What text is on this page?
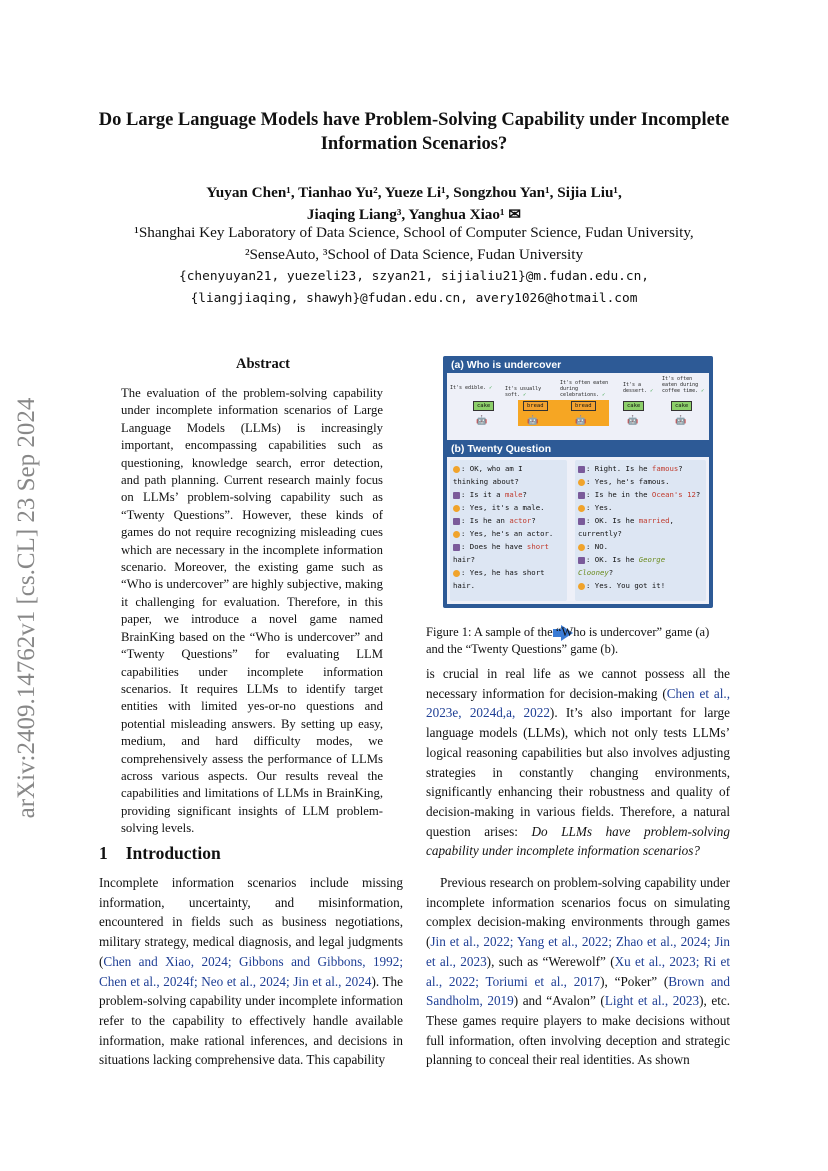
Do Large Language Models have Problem-Solving Capability under Incomplete Information Scenarios?
Yuyan Chen¹, Tianhao Yu², Yueze Li¹, Songzhou Yan¹, Sijia Liu¹,
Jiaqing Liang³, Yanghua Xiao¹ ✉
¹Shanghai Key Laboratory of Data Science, School of Computer Science, Fudan University,
²SenseAuto, ³School of Data Science, Fudan University
{chenyuyan21, yuezeli23, szyan21, sijialiu21}@m.fudan.edu.cn,
{liangjiaqing, shawyh}@fudan.edu.cn, avery1026@hotmail.com
arXiv:2409.14762v1 [cs.CL] 23 Sep 2024
Abstract
The evaluation of the problem-solving capability under incomplete information scenarios of Large Language Models (LLMs) is increasingly important, encompassing capabilities such as questioning, knowledge search, error detection, and path planning. Current research mainly focus on LLMs’ problem-solving capability such as “Twenty Questions”. However, these kinds of games do not require recognizing misleading cues which are necessary in the incomplete information scenario. Moreover, the existing game such as “Who is undercover” are highly subjective, making it challenging for evaluation. Therefore, in this paper, we introduce a novel game named BrainKing based on the “Who is undercover” and “Twenty Questions” for evaluating LLM capabilities under incomplete information scenarios. It requires LLMs to identify target entities with limited yes-or-no questions and potential misleading answers. By setting up easy, medium, and hard difficulty modes, we comprehensively assess the performance of LLMs across various aspects. Our results reveal the capabilities and limitations of LLMs in BrainKing, providing significant insights of LLM problem-solving levels.
1 Introduction
Incomplete information scenarios include missing information, uncertainty, and misinformation, encountered in fields such as business negotiations, military strategy, medical diagnosis, and legal judgments (Chen and Xiao, 2024; Gibbons and Gibbons, 1992; Chen et al., 2024f; Neo et al., 2024; Jin et al., 2024). The problem-solving capability under incomplete information refer to the capability to effectively handle available information, make rational inferences, and decisions in situations lacking comprehensive data. This capability
(a) Who is undercover
It's edible. ✓	It's usually soft. ✓
It's often eaten during celebrations. ✓
It's a dessert. ✓
It's often eaten during coffee time. ✓
cake	bread	bread	cake	cake
🤖	🤖	🤖	🤖	🤖
(b) Twenty Question
: OK, who am I
thinking about?
: Is it a male?
: Yes, it's a male.
: Is he an actor?
: Yes, he's an actor.
: Does he have short
hair?
: Yes, he has short
hair.
: Right. Is he famous?
: Yes, he's famous.
: Is he in the Ocean's 12?
: Yes.
: OK. Is he married,
currently?
: NO.
: OK. Is he George
Clooney?
: Yes. You got it!
Figure 1: A sample of the “Who is undercover” game (a) and the “Twenty Questions” game (b).
is crucial in real life as we cannot possess all the necessary information for decision-making (Chen et al., 2023e, 2024d,a, 2022). It’s also important for large language models (LLMs), which not only tests LLMs’ logical reasoning capabilities but also involves adjusting strategies in constantly changing environments, significantly enhancing their robustness and quality of decision-making in various fields. Therefore, a natural question arises: Do LLMs have problem-solving capability under incomplete information scenarios?
Previous research on problem-solving capability under incomplete information scenarios focus on simulating complex decision-making environments through games (Jin et al., 2022; Yang et al., 2022; Zhao et al., 2024; Jin et al., 2023), such as “Werewolf” (Xu et al., 2023; Ri et al., 2022; Toriumi et al., 2017), “Poker” (Brown and Sandholm, 2019) and “Avalon” (Light et al., 2023), etc. These games require players to make decisions without full information, often involving deception and strategic planning to conceal their real identities. As shown
